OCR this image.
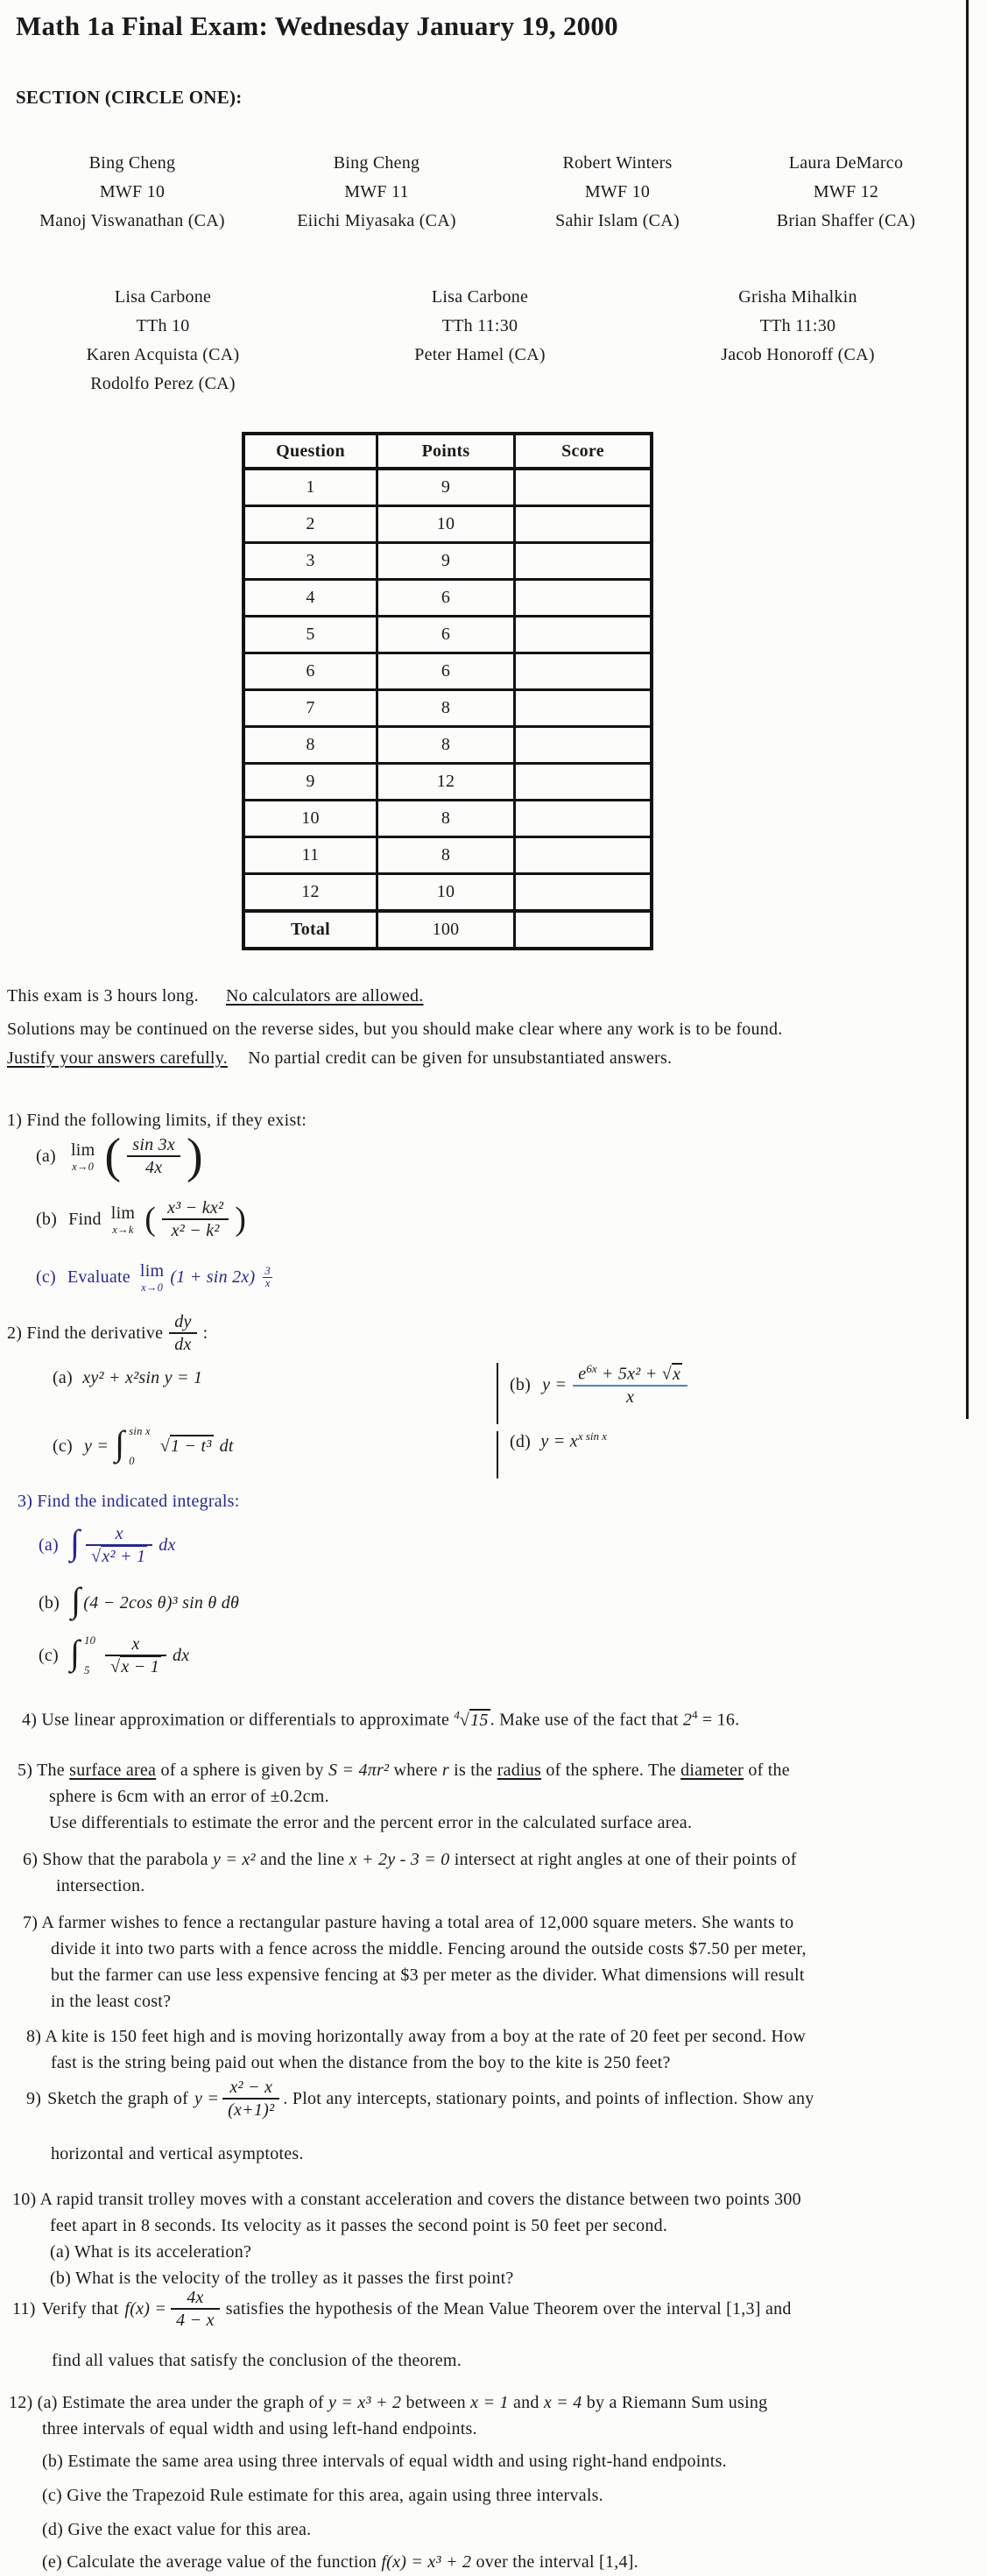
Math 1a Final Exam: Wednesday January 19, 2000
SECTION (CIRCLE ONE):
Bing Cheng
MWF 10
Manoj Viswanathan (CA)
Bing Cheng
MWF 11
Eiichi Miyasaka (CA)
Robert Winters
MWF 10
Sahir Islam (CA)
Laura DeMarco
MWF 12
Brian Shaffer (CA)
Lisa Carbone
TTh 10
Karen Acquista (CA)
Rodolfo Perez (CA)
Lisa Carbone
TTh 11:30
Peter Hamel (CA)
Grisha Mihalkin
TTh 11:30
Jacob Honoroff (CA)
Question	Points	Score
1	9	
2	10	
3	9	
4	6	
5	6	
6	6	
7	8	
8	8	
9	12	
10	8	
11	8	
12	10	
Total	100	
This exam is 3 hours long. No calculators are allowed.
Solutions may be continued on the reverse sides, but you should make clear where any work is to be found.
Justify your answers carefully. No partial credit can be given for unsubstantiated answers.
1) Find the following limits, if they exist:
(a) lim
x→0 ( $\frac{\sin 3x}{4x}$ )
(b) Find lim
x→k ( $\frac{\text{x³ − kx²}}{\text{x² − k²}}$ )
(c) Evaluate lim
x→0
$(1 + \sin 2x) \frac{3}{x}$
2) Find the derivative $\frac{dy}{dx}$ :
(a) xy² + x²sin y = 1	(b) $y = \frac{e^{6x} + 5x^2 + √x}{x}$
(c) y = ∫ sin x
0
√1 − t³ dt	(d) $y = x^{x sin x}$
3) Find the indicated integrals:
(a) ∫ $\frac{x}{\text{√x² + 1}}$ dx
(b) ∫ (4 − 2cos θ)³ sin θ dθ
(c) ∫ 10
$5 \frac{x}{√x - 1}$ dx
4) Use linear approximation or differentials to approximate $^4$√15 . Make use of the fact that $2^4 = 16$.
5) The surface area of a sphere is given by S = 4πr² where r is the radius of the sphere. The diameter of the
sphere is 6cm with an error of ±0.2cm.
Use differentials to estimate the error and the percent error in the calculated surface area.
6) Show that the parabola y = x² and the line x + 2y - 3 = 0 intersect at right angles at one of their points of
intersection.
7) A farmer wishes to fence a rectangular pasture having a total area of 12,000 square meters. She wants to
divide it into two parts with a fence across the middle. Fencing around the outside costs $7.50 per meter,
but the farmer can use less expensive fencing at $3 per meter as the divider. What dimensions will result
in the least cost?
8) A kite is 150 feet high and is moving horizontally away from a boy at the rate of 20 feet per second. How
fast is the string being paid out when the distance from the boy to the kite is 250 feet?
9) Sketch the graph of $y = \frac{\text{x² − x}}{\text{(x+1)²}}$ . Plot any intercepts, stationary points, and points of inflection. Show any
horizontal and vertical asymptotes.
10) A rapid transit trolley moves with a constant acceleration and covers the distance between two points 300
feet apart in 8 seconds. Its velocity as it passes the second point is 50 feet per second.
(a) What is its acceleration?
(b) What is the velocity of the trolley as it passes the first point?
11) Verify that $f(x) = \frac{4x}{4 - x}$ satisfies the hypothesis of the Mean Value Theorem over the interval [1,3] and
find all values that satisfy the conclusion of the theorem.
12) (a) Estimate the area under the graph of y = x³ + 2 between x = 1 and x = 4 by a Riemann Sum using
three intervals of equal width and using left-hand endpoints.
(b) Estimate the same area using three intervals of equal width and using right-hand endpoints.
(c) Give the Trapezoid Rule estimate for this area, again using three intervals.
(d) Give the exact value for this area.
(e) Calculate the average value of the function f(x) = x³ + 2 over the interval [1,4].
